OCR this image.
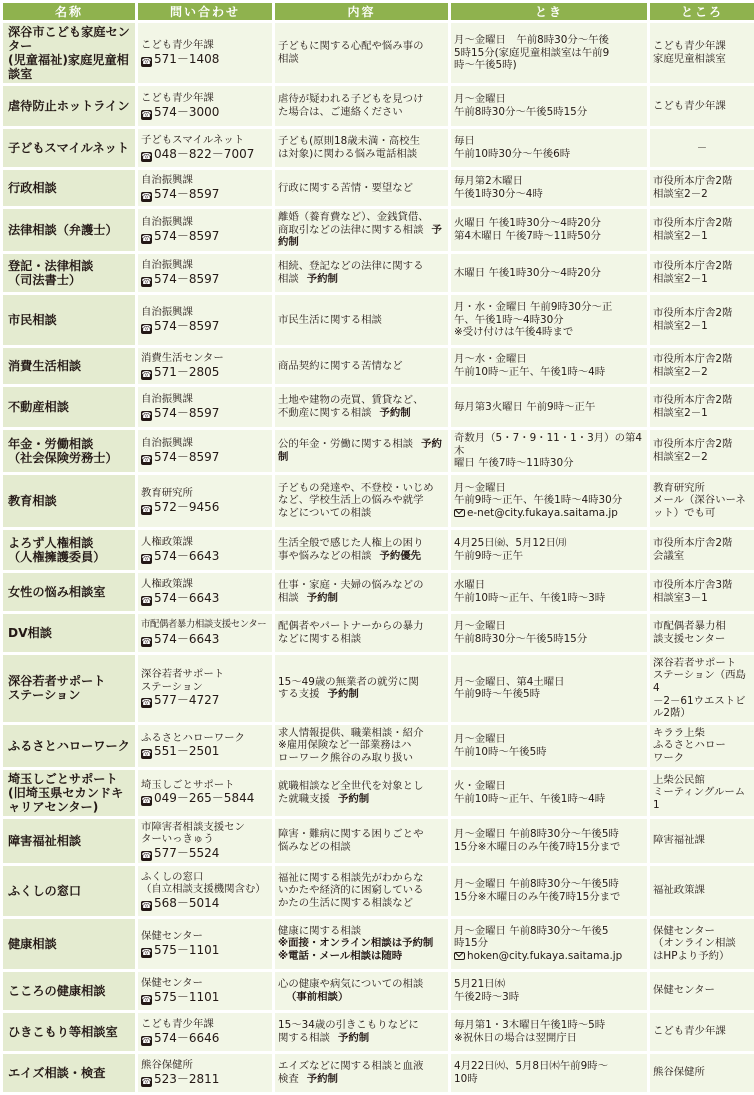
名称	問い合わせ	内容	とき	ところ

深谷市こども家庭センター
(児童福祉)家庭児童相談室	こども青少年課
☎ 571－1408	子どもに関する心配や悩み事の
相談	月～金曜日　午前8時30分～午後
5時15分(家庭児童相談室は午前9
時～午後5時)	こども青少年課
家庭児童相談室

虐待防止ホットライン	こども青少年課
☎ 574－3000	虐待が疑われる子どもを見つけ
た場合は、ご連絡ください	月～金曜日
午前8時30分～午後5時15分	こども青少年課

子どもスマイルネット	子どもスマイルネット
☎ 048－822－7007	子ども(原則18歳未満・高校生
は対象)に関わる悩み電話相談	毎日
午前10時30分～午後6時	－

行政相談	自治振興課
☎ 574－8597	行政に関する苦情・要望など	毎月第2木曜日
午後1時30分～4時	市役所本庁舎2階
相談室2－2

法律相談（弁護士）	自治振興課
☎ 574－8597	離婚（養育費など）、金銭貸借、
商取引などの法律に関する相談 予約制	火曜日 午後1時30分～4時20分
第4木曜日 午後7時～11時50分	市役所本庁舎2階
相談室2－1

登記・法律相談
（司法書士）	自治振興課
☎ 574－8597	相続、登記などの法律に関する
相談 予約制	木曜日 午後1時30分～4時20分	市役所本庁舎2階
相談室2－1

市民相談	自治振興課
☎ 574－8597	市民生活に関する相談	月・水・金曜日 午前9時30分～正
午、午後1時～4時30分
※受け付けは午後4時まで	市役所本庁舎2階
相談室2－1

消費生活相談	消費生活センター
☎ 571－2805	商品契約に関する苦情など	月～水・金曜日
午前10時～正午、午後1時～4時	市役所本庁舎2階
相談室2－2

不動産相談	自治振興課
☎ 574－8597	土地や建物の売買、賃貸など、
不動産に関する相談 予約制	毎月第3火曜日 午前9時～正午	市役所本庁舎2階
相談室2－1

年金・労働相談
（社会保険労務士）	自治振興課
☎ 574－8597	公的年金・労働に関する相談 予約制	奇数月（5・7・9・11・1・3月）の第4木
曜日 午後7時～11時30分	市役所本庁舎2階
相談室2－2

教育相談	教育研究所
☎ 572－9456	子どもの発達や、不登校・いじめ
など、学校生活上の悩みや就学
などについての相談	月～金曜日
午前9時～正午、午後1時～4時30分
e-net@city.fukaya.saitama.jp	教育研究所
メール（深谷いーネ
ット）でも可

よろず人権相談
（人権擁護委員）	人権政策課
☎ 574－6643	生活全般で感じた人権上の困り
事や悩みなどの相談 予約優先	4月25日㈮、5月12日㈪
午前9時～正午	市役所本庁舎2階
会議室

女性の悩み相談室	人権政策課
☎ 574－6643	仕事・家庭・夫婦の悩みなどの
相談 予約制	水曜日
午前10時～正午、午後1時～3時	市役所本庁舎3階
相談室3－1

DV相談	市配偶者暴力相談支援センター
☎ 574－6643	配偶者やパートナーからの暴力
などに関する相談	月～金曜日
午前8時30分～午後5時15分	市配偶者暴力相
談支援センター

深谷若者サポート
ステーション	深谷若者サポート
ステーション
☎ 577－4727	15～49歳の無業者の就労に関
する支援 予約制	月～金曜日、第4土曜日
午前9時～午後5時	深谷若者サポート
ステーション（西島4
－2－61ウエストビ
ル2階）

ふるさとハローワーク	ふるさとハローワーク
☎ 551－2501	求人情報提供、職業相談・紹介
※雇用保険など一部業務はハ
ローワーク熊谷のみ取り扱い	月～金曜日
午前10時～午後5時	キララ上柴
ふるさとハロー
ワーク

埼玉しごとサポート
(旧埼玉県セカンドキャリアセンター)	埼玉しごとサポート
☎ 049－265－5844	就職相談など全世代を対象とし
た就職支援 予約制	火・金曜日
午前10時～正午、午後1時～4時	上柴公民館
ミーティングルーム1

障害福祉相談	市障害者相談支援セン
ターいっきゅう
☎ 577－5524	障害・難病に関する困りごとや
悩みなどの相談	月～金曜日 午前8時30分～午後5時
15分※木曜日のみ午後7時15分まで	障害福祉課

ふくしの窓口	ふくしの窓口
（自立相談支援機関含む）
☎ 568－5014	福祉に関する相談先がわからな
いかたや経済的に困窮している
かたの生活に関する相談など	月～金曜日 午前8時30分～午後5時
15分※木曜日のみ午後7時15分まで	福祉政策課

健康相談	保健センター
☎ 575－1101	健康に関する相談
※面接・オンライン相談は予約制
※電話・メール相談は随時	月～金曜日 午前8時30分～午後5
時15分
hoken@city.fukaya.saitama.jp	保健センター
（オンライン相談
はHPより予約）

こころの健康相談	保健センター
☎ 575－1101	心の健康や病気についての相談（事前相談）	5月21日㈬
午後2時～3時	保健センター

ひきこもり等相談室	こども青少年課
☎ 574－6646	15～34歳の引きこもりなどに
関する相談 予約制	毎月第1・3木曜日午後1時～5時
※祝休日の場合は翌開庁日	こども青少年課

エイズ相談・検査	熊谷保健所
☎ 523－2811	エイズなどに関する相談と血液
検査 予約制	4月22日㈫、5月8日㈭午前9時～
10時	熊谷保健所
